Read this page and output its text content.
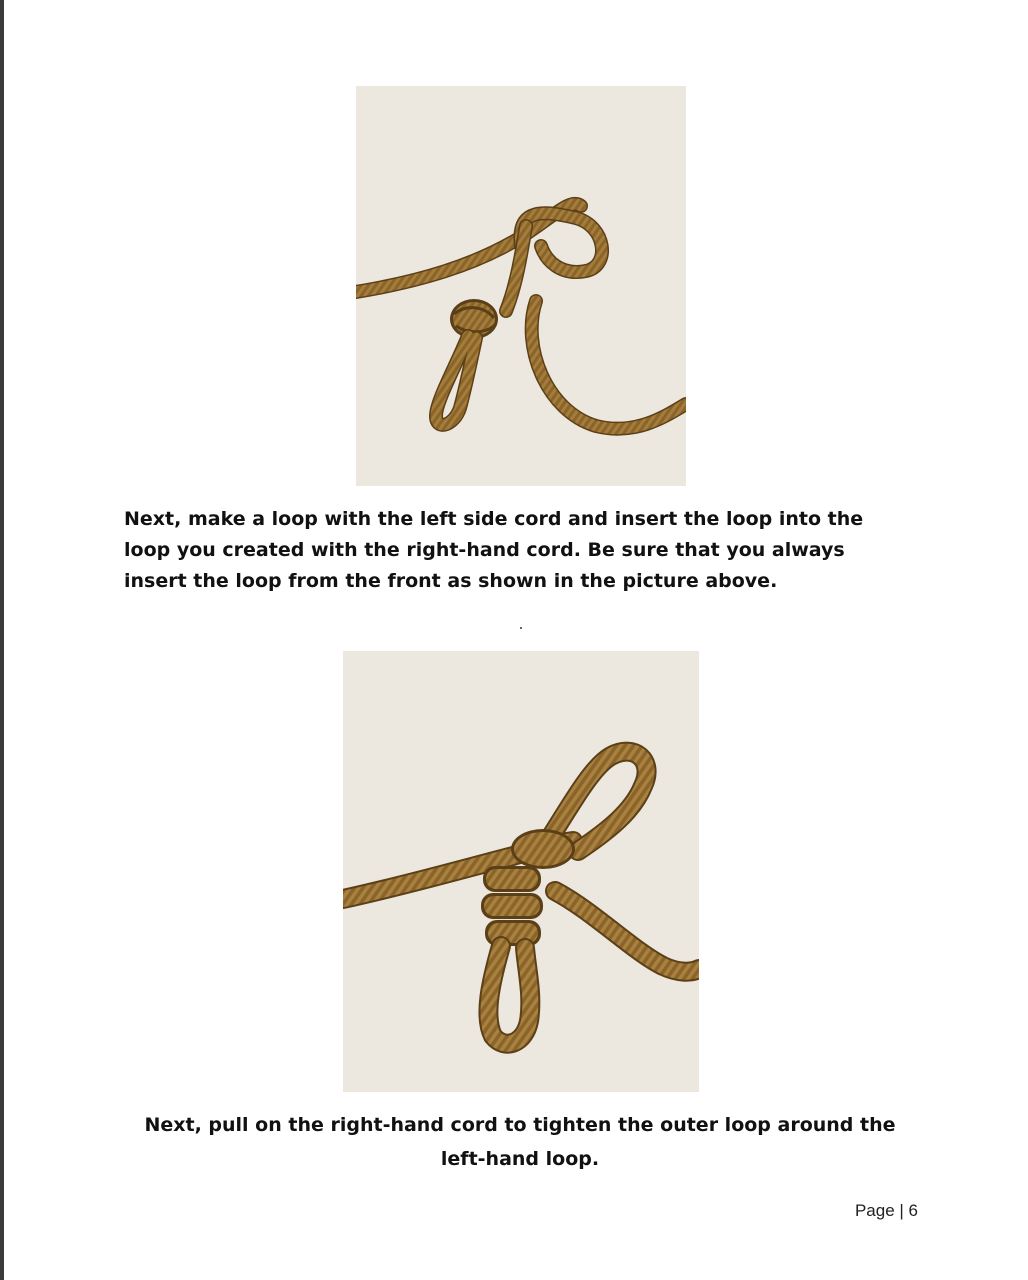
Next, make a loop with the left side cord and insert the loop into the loop you created with the right-hand cord. Be sure that you always insert the loop from the front as shown in the picture above.
Next, pull on the right-hand cord to tighten the outer loop around the left-hand loop.
Page | 6
